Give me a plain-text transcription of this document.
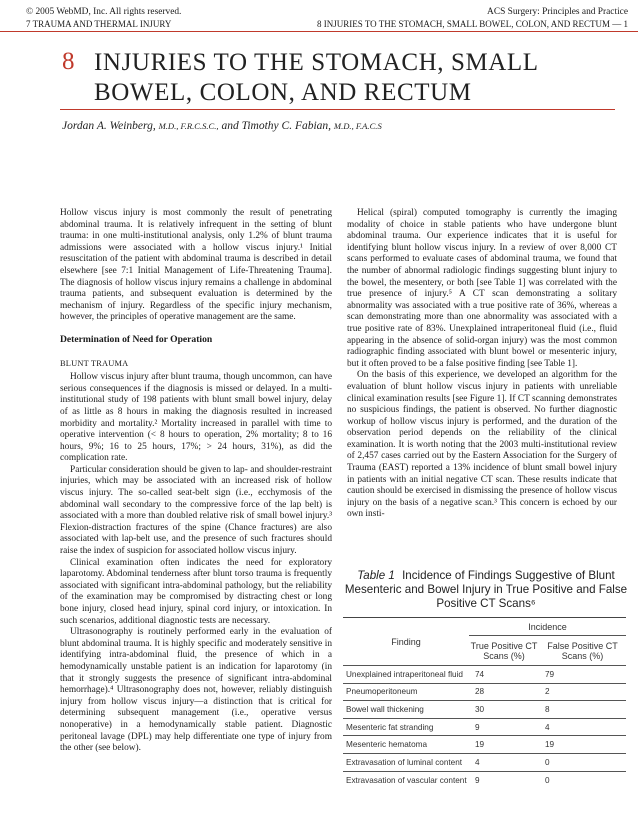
© 2005 WebMD, Inc. All rights reserved.	ACS Surgery: Principles and Practice
7 TRAUMA AND THERMAL INJURY	8 INJURIES TO THE STOMACH, SMALL BOWEL, COLON, AND RECTUM — 1
8 INJURIES TO THE STOMACH, SMALL BOWEL, COLON, AND RECTUM
Jordan A. Weinberg, M.D., F.R.C.S.C., and Timothy C. Fabian, M.D., F.A.C.S

Hollow viscus injury is most commonly the result of penetrating abdominal trauma. It is relatively infrequent in the setting of blunt trauma: in one multi-institutional analysis, only 1.2% of blunt trauma admissions were associated with a hollow viscus injury.¹ Initial resuscitation of the patient with abdominal trauma is described in detail elsewhere [see 7:1 Initial Management of Life-Threatening Trauma]. The diagnosis of hollow viscus injury remains a challenge in abdominal trauma patients, and subsequent evaluation is determined by the mechanism of injury. Regardless of the specific injury mechanism, however, the principles of operative management are the same.

Determination of Need for Operation
BLUNT TRAUMA

Hollow viscus injury after blunt trauma, though uncommon, can have serious consequences if the diagnosis is missed or delayed. In a multi-institutional study of 198 patients with blunt small bowel injury, delay of as little as 8 hours in making the diagnosis resulted in increased morbidity and mortality.² Mortality increased in parallel with time to operative intervention (< 8 hours to operation, 2% mortality; 8 to 16 hours, 9%; 16 to 25 hours, 17%; > 24 hours, 31%), as did the complication rate.

Particular consideration should be given to lap- and shoulder-restraint injuries, which may be associated with an increased risk of hollow viscus injury. The so-called seat-belt sign (i.e., ecchymosis of the abdominal wall secondary to the compressive force of the lap belt) is associated with a more than doubled relative risk of small bowel injury.³ Flexion-distraction fractures of the spine (Chance fractures) are also associated with lap-belt use, and the presence of such fractures should raise the index of suspicion for associated hollow viscus injury.

Clinical examination often indicates the need for exploratory laparotomy. Abdominal tenderness after blunt torso trauma is frequently associated with significant intra-abdominal pathology, but the reliability of the examination may be compromised by distracting chest or long bone injury, closed head injury, spinal cord injury, or intoxication. In such scenarios, additional diagnostic tests are necessary.

Ultrasonography is routinely performed early in the evaluation of blunt abdominal trauma. It is highly specific and moderately sensitive in identifying intra-abdominal fluid, the presence of which in a hemodynamically unstable patient is an indication for laparotomy (in that it strongly suggests the presence of significant intra-abdominal hemorrhage).⁴ Ultrasonography does not, however, reliably distinguish injury from hollow viscus injury—a distinction that is critical for determining subsequent management (i.e., operative versus nonoperative) in a hemodynamically stable patient. Diagnostic peritoneal lavage (DPL) may help differentiate one type of injury from the other (see below).

Helical (spiral) computed tomography is currently the imaging modality of choice in stable patients who have undergone blunt abdominal trauma. Our experience indicates that it is useful for identifying blunt hollow viscus injury. In a review of over 8,000 CT scans performed to evaluate cases of abdominal trauma, we found that the number of abnormal radiologic findings suggesting blunt injury to the bowel, the mesentery, or both [see Table 1] was correlated with the true presence of injury.⁵ A CT scan demonstrating a solitary abnormality was associated with a true positive rate of 36%, whereas a scan demonstrating more than one abnormality was associated with a true positive rate of 83%. Unexplained intraperitoneal fluid (i.e., fluid appearing in the absence of solid-organ injury) was the most common radiographic finding associated with blunt bowel or mesenteric injury, but it often proved to be a false positive finding [see Table 1].

On the basis of this experience, we developed an algorithm for the evaluation of blunt hollow viscus injury in patients with unreliable clinical examination results [see Figure 1]. If CT scanning demonstrates no suspicious findings, the patient is observed. No further diagnostic workup of hollow viscus injury is performed, and the duration of the observation period depends on the reliability of the clinical examination. It is worth noting that the 2003 multi-institutional review of 2,457 cases carried out by the Eastern Association for the Surgery of Trauma (EAST) reported a 13% incidence of blunt small bowel injury in patients with an initial negative CT scan. These results indicate that caution should be exercised in dismissing the presence of hollow viscus injury on the basis of a negative scan.³ This concern is echoed by our own insti-

Table 1 Incidence of Findings Suggestive of Blunt Mesenteric and Bowel Injury in True Positive and False Positive CT Scans⁶
Finding	Incidence	
	True Positive CT Scans (%)	False Positive CT Scans (%)
Unexplained intraperitoneal fluid	74	79
Pneumoperitoneum	28	2
Bowel wall thickening	30	8
Mesenteric fat stranding	9	4
Mesenteric hematoma	19	19
Extravasation of luminal content	4	0
Extravasation of vascular content	9	0
